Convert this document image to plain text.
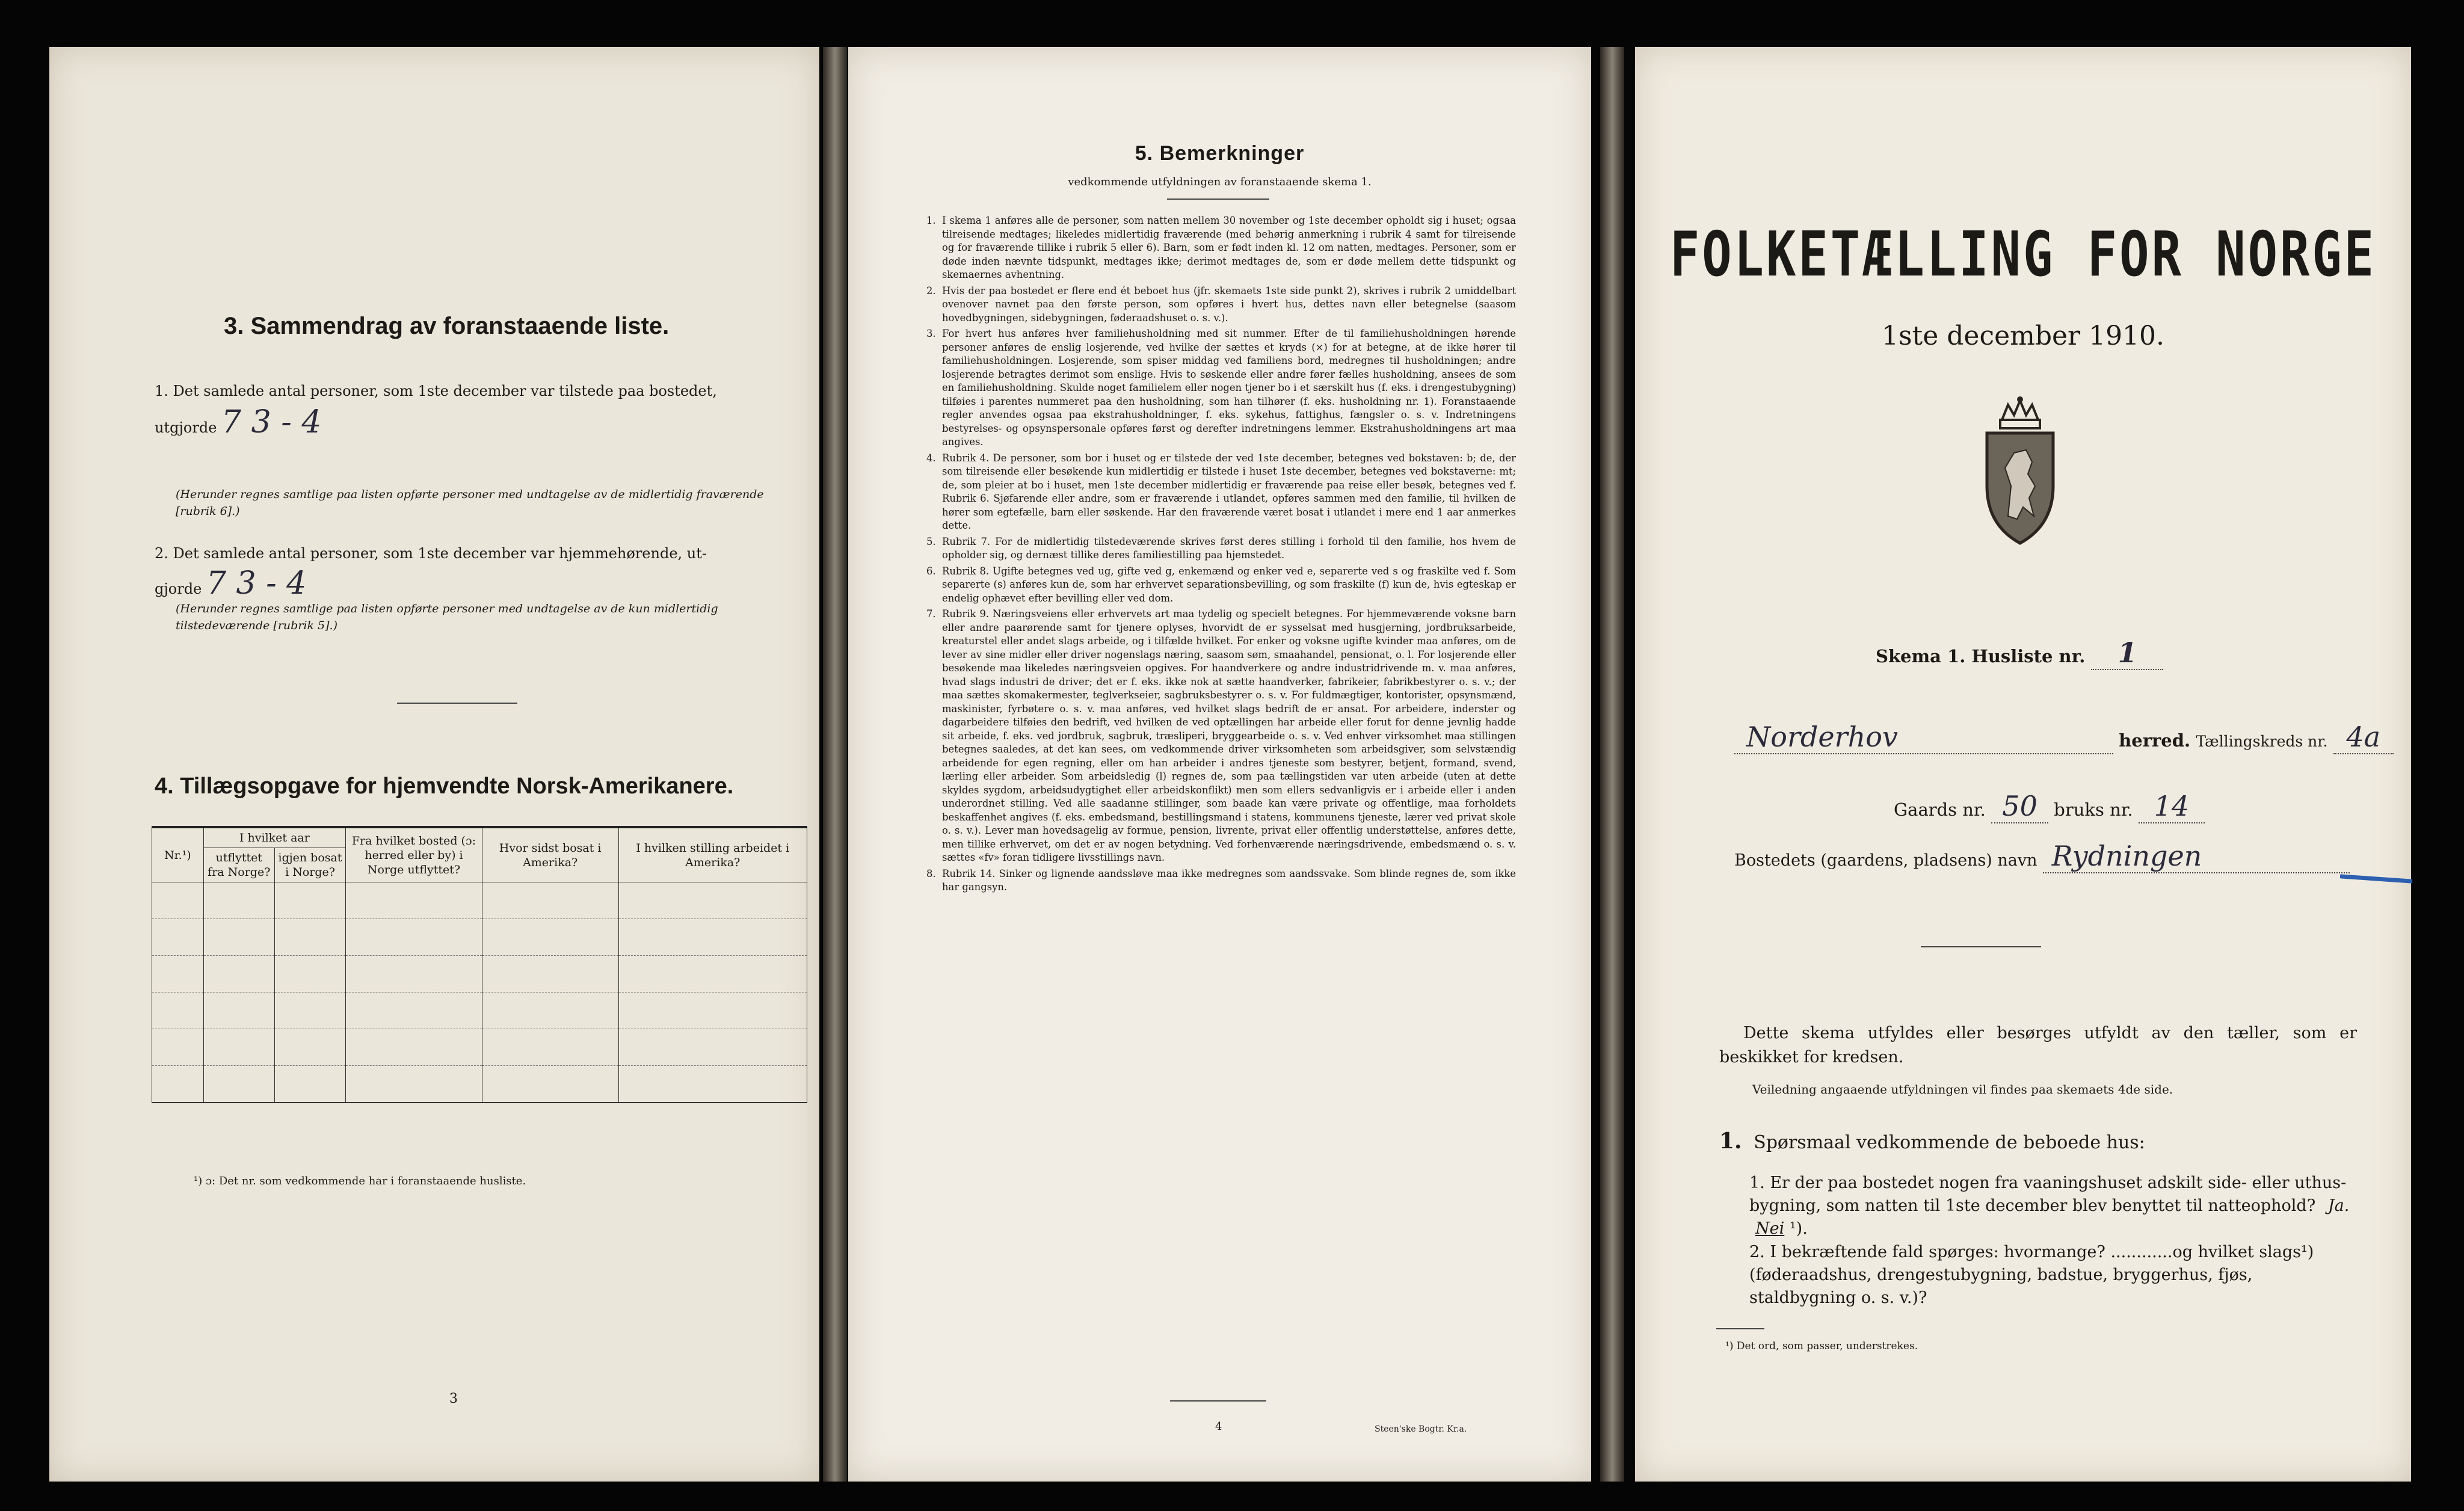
3. Sammendrag av foranstaaende liste.
1. Det samlede antal personer, som 1ste december var tilstede paa bostedet,
utgjorde 7 3 - 4
(Herunder regnes samtlige paa listen opførte personer med undtagelse av de midlertidig fraværende [rubrik 6].)
2. Det samlede antal personer, som 1ste december var hjemmehørende, ut-
gjorde 7 3 - 4
(Herunder regnes samtlige paa listen opførte personer med undtagelse av de kun midlertidig tilstedeværende [rubrik 5].)
4. Tillægsopgave for hjemvendte Norsk-Amerikanere.
Nr.¹)	I hvilket aar		Fra hvilket bosted (ɔ: herred eller by) i Norge utflyttet?	Hvor sidst bosat i Amerika?	I hvilken stilling arbeidet i Amerika?
	utflyttet fra Norge?	igjen bosat i Norge?			

¹) ɔ: Det nr. som vedkommende har i foranstaaende husliste.
3
5. Bemerkninger
vedkommende utfyldningen av foranstaaende skema 1.
1. I skema 1 anføres alle de personer, som natten mellem 30 november og 1ste december opholdt sig i huset; ogsaa tilreisende medtages; likeledes midlertidig fraværende (med behørig anmerkning i rubrik 4 samt for tilreisende og for fraværende tillike i rubrik 5 eller 6). Barn, som er født inden kl. 12 om natten, medtages. Personer, som er døde inden nævnte tidspunkt, medtages ikke; derimot medtages de, som er døde mellem dette tidspunkt og skemaernes avhentning.
2. Hvis der paa bostedet er flere end ét beboet hus (jfr. skemaets 1ste side punkt 2), skrives i rubrik 2 umiddelbart ovenover navnet paa den første person, som opføres i hvert hus, dettes navn eller betegnelse (saasom hovedbygningen, sidebygningen, føderaadshuset o. s. v.).
3. For hvert hus anføres hver familiehusholdning med sit nummer. Efter de til familiehusholdningen hørende personer anføres de enslig losjerende, ved hvilke der sættes et kryds (×) for at betegne, at de ikke hører til familiehusholdningen. Losjerende, som spiser middag ved familiens bord, medregnes til husholdningen; andre losjerende betragtes derimot som enslige. Hvis to søskende eller andre fører fælles husholdning, ansees de som en familiehusholdning. Skulde noget familielem eller nogen tjener bo i et særskilt hus (f. eks. i drengestubygning) tilføies i parentes nummeret paa den husholdning, som han tilhører (f. eks. husholdning nr. 1). Foranstaaende regler anvendes ogsaa paa ekstrahusholdninger, f. eks. sykehus, fattighus, fængsler o. s. v. Indretningens bestyrelses- og opsynspersonale opføres først og derefter indretningens lemmer. Ekstrahusholdningens art maa angives.
4. Rubrik 4. De personer, som bor i huset og er tilstede der ved 1ste december, betegnes ved bokstaven: b; de, der som tilreisende eller besøkende kun midlertidig er tilstede i huset 1ste december, betegnes ved bokstaverne: mt; de, som pleier at bo i huset, men 1ste december midlertidig er fraværende paa reise eller besøk, betegnes ved f. Rubrik 6. Sjøfarende eller andre, som er fraværende i utlandet, opføres sammen med den familie, til hvilken de hører som egtefælle, barn eller søskende. Har den fraværende været bosat i utlandet i mere end 1 aar anmerkes dette.
5. Rubrik 7. For de midlertidig tilstedeværende skrives først deres stilling i forhold til den familie, hos hvem de opholder sig, og dernæst tillike deres familiestilling paa hjemstedet.
6. Rubrik 8. Ugifte betegnes ved ug, gifte ved g, enkemænd og enker ved e, separerte ved s og fraskilte ved f. Som separerte (s) anføres kun de, som har erhvervet separationsbevilling, og som fraskilte (f) kun de, hvis egteskap er endelig ophævet efter bevilling eller ved dom.
7. Rubrik 9. Næringsveiens eller erhvervets art maa tydelig og specielt betegnes. For hjemmeværende voksne barn eller andre paarørende samt for tjenere oplyses, hvorvidt de er sysselsat med husgjerning, jordbruksarbeide, kreaturstel eller andet slags arbeide, og i tilfælde hvilket. For enker og voksne ugifte kvinder maa anføres, om de lever av sine midler eller driver nogenslags næring, saasom søm, smaahandel, pensionat, o. l. For losjerende eller besøkende maa likeledes næringsveien opgives. For haandverkere og andre industridrivende m. v. maa anføres, hvad slags industri de driver; det er f. eks. ikke nok at sætte haandverker, fabrikeier, fabrikbestyrer o. s. v.; der maa sættes skomakermester, teglverkseier, sagbruksbestyrer o. s. v. For fuldmægtiger, kontorister, opsynsmænd, maskinister, fyrbøtere o. s. v. maa anføres, ved hvilket slags bedrift de er ansat. For arbeidere, inderster og dagarbeidere tilføies den bedrift, ved hvilken de ved optællingen har arbeide eller forut for denne jevnlig hadde sit arbeide, f. eks. ved jordbruk, sagbruk, træsliperi, bryggearbeide o. s. v. Ved enhver virksomhet maa stillingen betegnes saaledes, at det kan sees, om vedkommende driver virksomheten som arbeidsgiver, som selvstændig arbeidende for egen regning, eller om han arbeider i andres tjeneste som bestyrer, betjent, formand, svend, lærling eller arbeider. Som arbeidsledig (l) regnes de, som paa tællingstiden var uten arbeide (uten at dette skyldes sygdom, arbeidsudygtighet eller arbeidskonflikt) men som ellers sedvanligvis er i arbeide eller i anden underordnet stilling. Ved alle saadanne stillinger, som baade kan være private og offentlige, maa forholdets beskaffenhet angives (f. eks. embedsmand, bestillingsmand i statens, kommunens tjeneste, lærer ved privat skole o. s. v.). Lever man hovedsagelig av formue, pension, livrente, privat eller offentlig understøttelse, anføres dette, men tillike erhvervet, om det er av nogen betydning. Ved forhenværende næringsdrivende, embedsmænd o. s. v. sættes «fv» foran tidligere livsstillings navn.
8. Rubrik 14. Sinker og lignende aandssløve maa ikke medregnes som aandssvake. Som blinde regnes de, som ikke har gangsyn.
4	Steen'ske Bogtr. Kr.a.
FOLKETÆLLING FOR NORGE
1ste december 1910.
Skema 1. Husliste nr. 1
Norderhov	herred. Tællingskreds nr. 4a
Gaards nr. 50 bruks nr. 14
Bostedets (gaardens, pladsens) navn Rydningen
Dette skema utfyldes eller besørges utfyldt av den tæller, som er beskikket for kredsen.
Veiledning angaaende utfyldningen vil findes paa skemaets 4de side.
1. Spørsmaal vedkommende de beboede hus:
1. Er der paa bostedet nogen fra vaaningshuset adskilt side- eller uthus-bygning, som natten til 1ste december blev benyttet til natteophold? Ja. Nei ¹).
2. I bekræftende fald spørges: hvormange? ............og hvilket slags¹) (føderaadshus, drengestubygning, badstue, bryggerhus, fjøs, staldbygning o. s. v.)?
¹) Det ord, som passer, understrekes.
